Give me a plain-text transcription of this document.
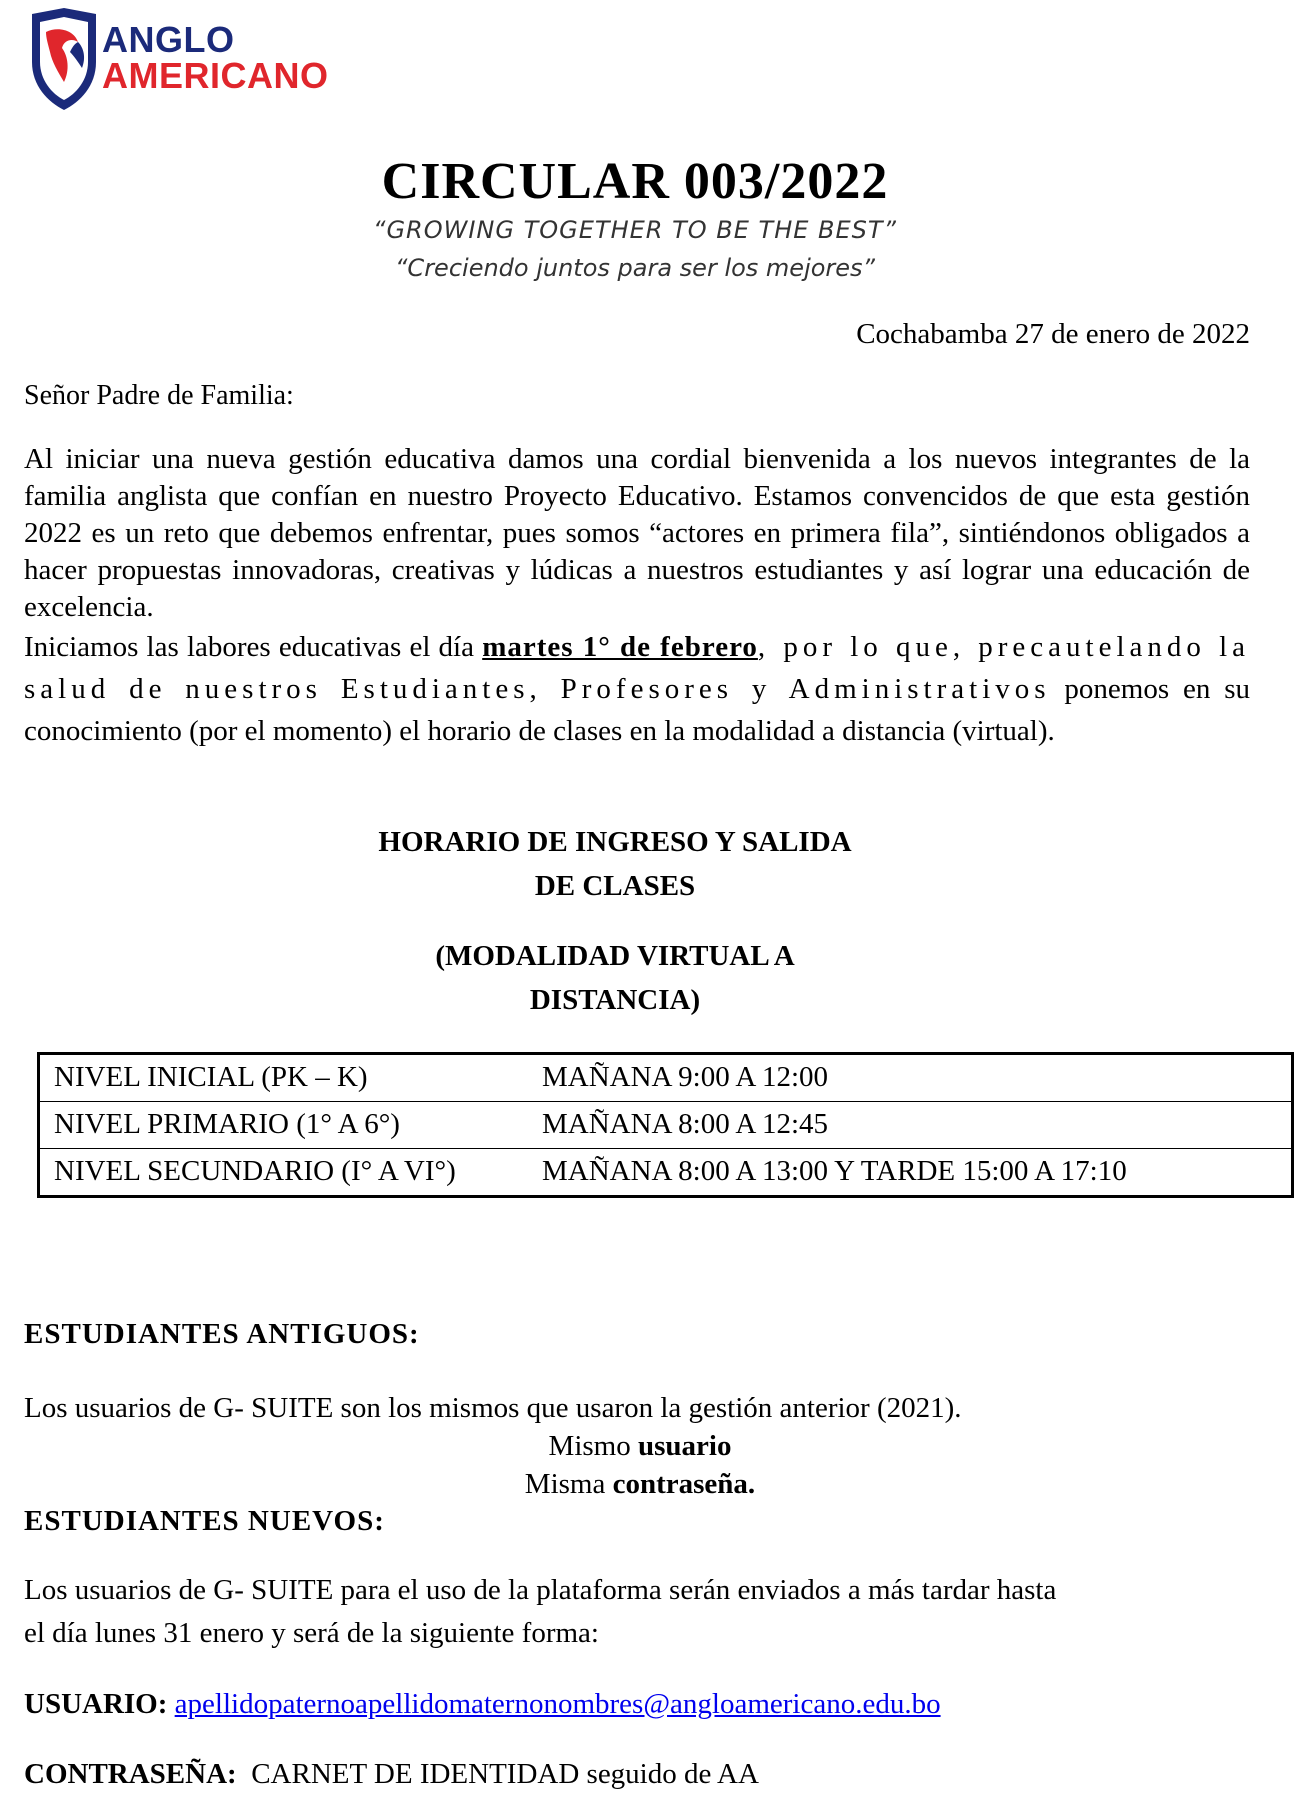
ANGLO
AMERICANO
CIRCULAR 003/2022
“GROWING TOGETHER TO BE THE BEST”
“Creciendo juntos para ser los mejores”
Cochabamba 27 de enero de 2022
Señor Padre de Familia:
Al iniciar una nueva gestión educativa damos una cordial bienvenida a los nuevos integrantes de la familia anglista que confían en nuestro Proyecto Educativo. Estamos convencidos de que esta gestión 2022 es un reto que debemos enfrentar, pues somos “actores en primera fila”, sintiéndonos obligados a hacer propuestas innovadoras, creativas y lúdicas a nuestros estudiantes y así lograr una educación de excelencia.
Iniciamos las labores educativas el día martes 1° de febrero, por lo que, precautelando la salud de nuestros Estudiantes, Profesores y Administrativos ponemos en su conocimiento (por el momento) el horario de clases en la modalidad a distancia (virtual).
HORARIO DE INGRESO Y SALIDA
DE CLASES
(MODALIDAD VIRTUAL A
DISTANCIA)
NIVEL INICIAL (PK – K)	MAÑANA 9:00 A 12:00
NIVEL PRIMARIO (1° A 6°)	MAÑANA 8:00 A 12:45
NIVEL SECUNDARIO (I° A VI°)	MAÑANA 8:00 A 13:00 Y TARDE 15:00 A 17:10
ESTUDIANTES ANTIGUOS:
Los usuarios de G- SUITE son los mismos que usaron la gestión anterior (2021).
Mismo usuario
Misma contraseña.
ESTUDIANTES NUEVOS:
Los usuarios de G- SUITE para el uso de la plataforma serán enviados a más tardar hasta
el día lunes 31 enero y será de la siguiente forma:
USUARIO: apellidopaternoapellidomaternonombres@angloamericano.edu.bo
CONTRASEÑA: CARNET DE IDENTIDAD seguido de AA
